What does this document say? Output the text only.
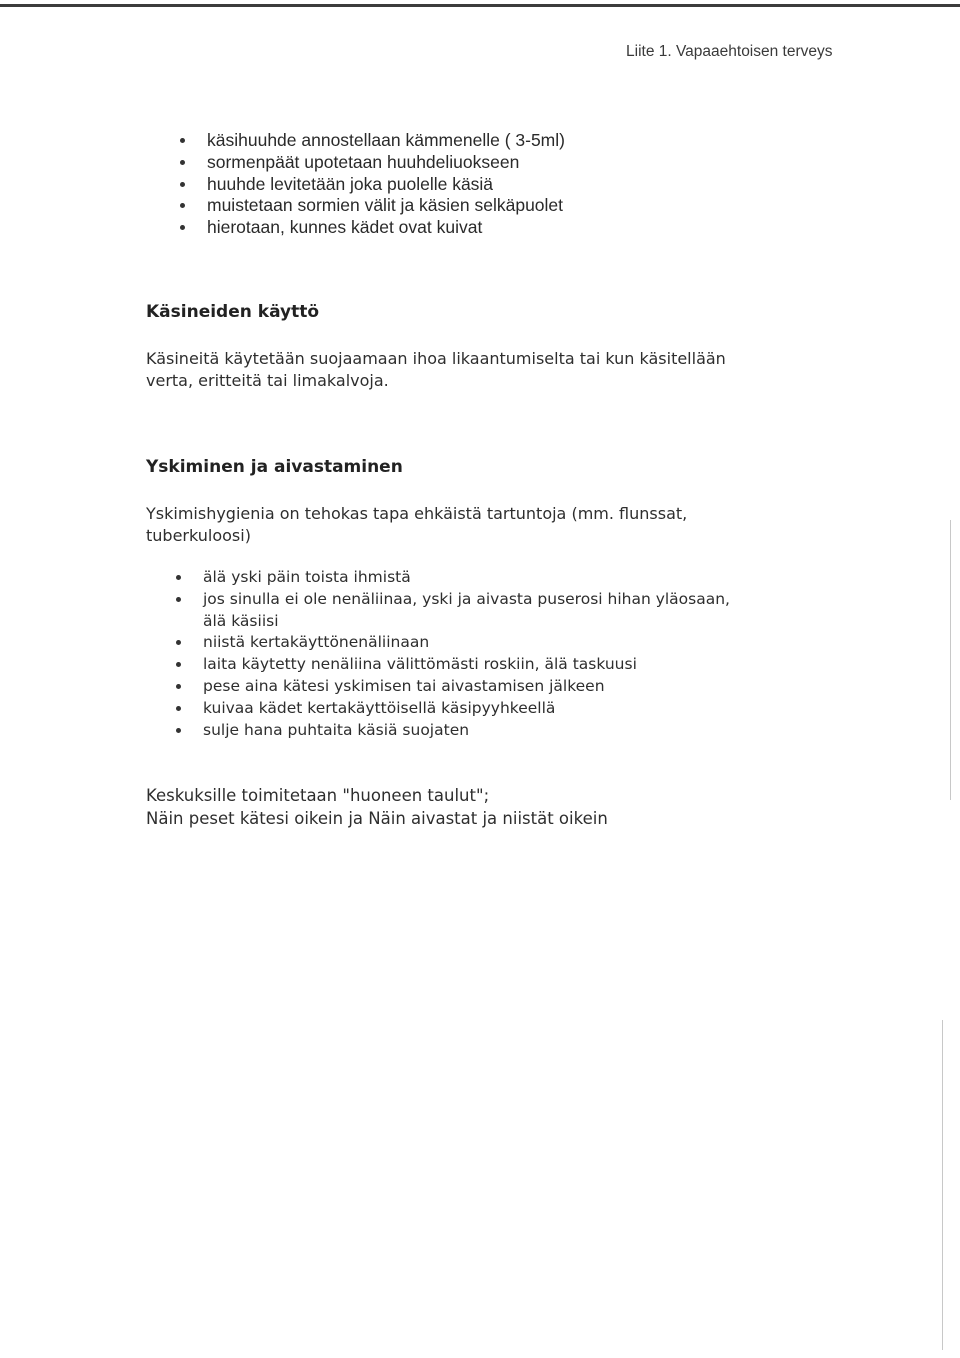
Liite 1. Vapaaehtoisen terveys
käsihuuhde annostellaan kämmenelle ( 3-5ml)
sormenpäät upotetaan huuhdeliuokseen
huuhde levitetään joka puolelle käsiä
muistetaan sormien välit ja käsien selkäpuolet
hierotaan, kunnes kädet ovat kuivat
Käsineiden käyttö
Käsineitä käytetään suojaamaan ihoa likaantumiselta tai kun käsitellään
verta, eritteitä tai limakalvoja.
Yskiminen ja aivastaminen
Yskimishygienia on tehokas tapa ehkäistä tartuntoja (mm. flunssat,
tuberkuloosi)
älä yski päin toista ihmistä
jos sinulla ei ole nenäliinaa, yski ja aivasta puserosi hihan yläosaan,
älä käsiisi
niistä kertakäyttönenäliinaan
laita käytetty nenäliina välittömästi roskiin, älä taskuusi
pese aina kätesi yskimisen tai aivastamisen jälkeen
kuivaa kädet kertakäyttöisellä käsipyyhkeellä
sulje hana puhtaita käsiä suojaten
Keskuksille toimitetaan "huoneen taulut";
Näin peset kätesi oikein ja Näin aivastat ja niistät oikein
